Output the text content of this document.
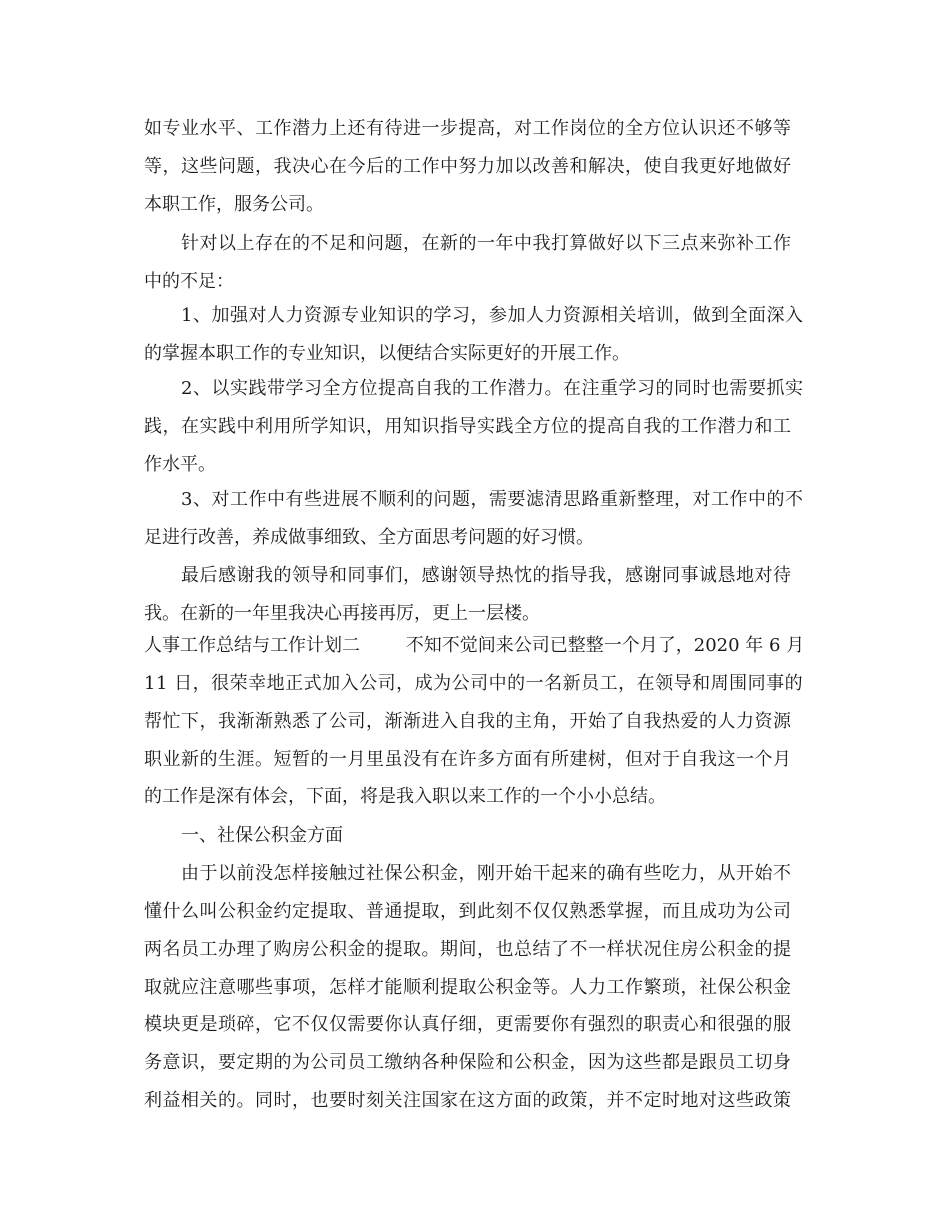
如专业水平、工作潜力上还有待进一步提高，对工作岗位的全方位认识还不够等
等，这些问题，我决心在今后的工作中努力加以改善和解决，使自我更好地做好
本职工作，服务公司。
针对以上存在的不足和问题，在新的一年中我打算做好以下三点来弥补工作
中的不足：
1、加强对人力资源专业知识的学习，参加人力资源相关培训，做到全面深入
的掌握本职工作的专业知识，以便结合实际更好的开展工作。
2、以实践带学习全方位提高自我的工作潜力。在注重学习的同时也需要抓实
践，在实践中利用所学知识，用知识指导实践全方位的提高自我的工作潜力和工
作水平。
3、对工作中有些进展不顺利的问题，需要滤清思路重新整理，对工作中的不
足进行改善，养成做事细致、全方面思考问题的好习惯。
最后感谢我的领导和同事们，感谢领导热忱的指导我，感谢同事诚恳地对待
我。在新的一年里我决心再接再厉，更上一层楼。
人事工作总结与工作计划二        不知不觉间来公司已整整一个月了，2020 年 6 月
11 日，很荣幸地正式加入公司，成为公司中的一名新员工，在领导和周围同事的
帮忙下，我渐渐熟悉了公司，渐渐进入自我的主角，开始了自我热爱的人力资源
职业新的生涯。短暂的一月里虽没有在许多方面有所建树，但对于自我这一个月
的工作是深有体会，下面，将是我入职以来工作的一个小小总结。
一、社保公积金方面
由于以前没怎样接触过社保公积金，刚开始干起来的确有些吃力，从开始不
懂什么叫公积金约定提取、普通提取，到此刻不仅仅熟悉掌握，而且成功为公司
两名员工办理了购房公积金的提取。期间，也总结了不一样状况住房公积金的提
取就应注意哪些事项，怎样才能顺利提取公积金等。人力工作繁琐，社保公积金
模块更是琐碎，它不仅仅需要你认真仔细，更需要你有强烈的职责心和很强的服
务意识，要定期的为公司员工缴纳各种保险和公积金，因为这些都是跟员工切身
利益相关的。同时，也要时刻关注国家在这方面的政策，并不定时地对这些政策
